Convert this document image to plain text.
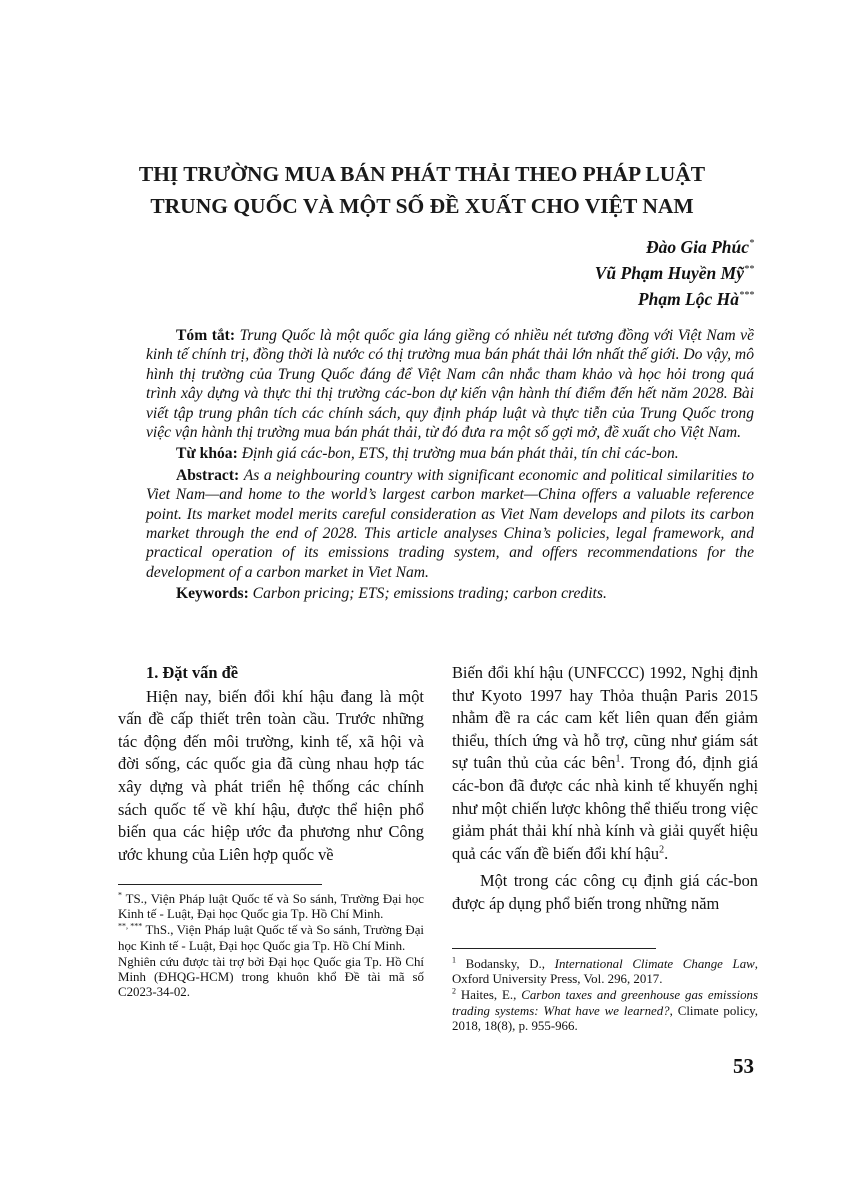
THỊ TRƯỜNG MUA BÁN PHÁT THẢI THEO PHÁP LUẬT
TRUNG QUỐC VÀ MỘT SỐ ĐỀ XUẤT CHO VIỆT NAM
Đào Gia Phúc*
Vũ Phạm Huyền Mỹ**
Phạm Lộc Hà***

Tóm tắt: Trung Quốc là một quốc gia láng giềng có nhiều nét tương đồng với Việt Nam về kinh tế chính trị, đồng thời là nước có thị trường mua bán phát thải lớn nhất thế giới. Do vậy, mô hình thị trường của Trung Quốc đáng để Việt Nam cân nhắc tham khảo và học hỏi trong quá trình xây dựng và thực thi thị trường các-bon dự kiến vận hành thí điểm đến hết năm 2028. Bài viết tập trung phân tích các chính sách, quy định pháp luật và thực tiễn của Trung Quốc trong việc vận hành thị trường mua bán phát thải, từ đó đưa ra một số gợi mở, đề xuất cho Việt Nam.

Từ khóa: Định giá các-bon, ETS, thị trường mua bán phát thải, tín chỉ các-bon.

Abstract: As a neighbouring country with significant economic and political similarities to Viet Nam—and home to the world’s largest carbon market—China offers a valuable reference point. Its market model merits careful consideration as Viet Nam develops and pilots its carbon market through the end of 2028. This article analyses China’s policies, legal framework, and practical operation of its emissions trading system, and offers recommendations for the development of a carbon market in Viet Nam.

Keywords: Carbon pricing; ETS; emissions trading; carbon credits.

1. Đặt vấn đề

Hiện nay, biến đổi khí hậu đang là một vấn đề cấp thiết trên toàn cầu. Trước những tác động đến môi trường, kinh tế, xã hội và đời sống, các quốc gia đã cùng nhau hợp tác xây dựng và phát triển hệ thống các chính sách quốc tế về khí hậu, được thể hiện phổ biến qua các hiệp ước đa phương như Công ước khung của Liên hợp quốc về

* TS., Viện Pháp luật Quốc tế và So sánh, Trường Đại học Kinh tế - Luật, Đại học Quốc gia Tp. Hồ Chí Minh.

**, *** ThS., Viện Pháp luật Quốc tế và So sánh, Trường Đại học Kinh tế - Luật, Đại học Quốc gia Tp. Hồ Chí Minh.

Nghiên cứu được tài trợ bởi Đại học Quốc gia Tp. Hồ Chí Minh (ĐHQG-HCM) trong khuôn khổ Đề tài mã số C2023-34-02.

Biến đổi khí hậu (UNFCCC) 1992, Nghị định thư Kyoto 1997 hay Thỏa thuận Paris 2015 nhằm đề ra các cam kết liên quan đến giảm thiểu, thích ứng và hỗ trợ, cũng như giám sát sự tuân thủ của các bên$^1$. Trong đó, định giá các-bon đã được các nhà kinh tế khuyến nghị như một chiến lược không thể thiếu trong việc giảm phát thải khí nhà kính và giải quyết hiệu quả các vấn đề biến đổi khí hậu$^2$.

Một trong các công cụ định giá các-bon được áp dụng phổ biến trong những năm

$^1$ Bodansky, D., International Climate Change Law, Oxford University Press, Vol. 296, 2017.

$^2$ Haites, E., Carbon taxes and greenhouse gas emissions trading systems: What have we learned?, Climate policy, 2018, 18(8), p. 955-966.

53
